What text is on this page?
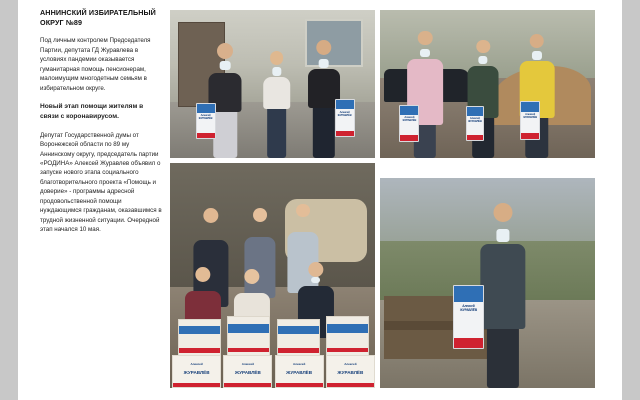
АННИНСКИЙ ИЗБИРАТЕЛЬНЫЙ ОКРУГ №89
Под личным контролем Председателя Партии, депутата ГД Журавлева в условиях пандемии оказывается гуманитарная помощь пенсионерам, малоимущим многодетным семьям в избирательном округе.
Новый этап помощи жителям в связи с коронавирусом.
Депутат Государственной думы от Воронежской области по 89 му Аннинскому округу, председатель партии «РОДИНА» Алексей Журавлев объявил о запуске нового этапа социального благотворительного проекта «Помощь и доверие» - программы адресной продовольственной помощи нуждающимся гражданам, оказавшимся в трудной жизненной ситуации. Очередной этап начался 10 мая.
Алексей
ЖУРАВЛЁВ
Алексей
ЖУРАВЛЁВ
Алексей
ЖУРАВЛЁВ
Алексей
ЖУРАВЛЁВ
Алексей
ЖУРАВЛЁВ
Алексей
ЖУРАВЛЁВ
Алексей
ЖУРАВЛЁВ
Алексей
ЖУРАВЛЁВ
Алексей
ЖУРАВЛЁВ
Алексей
ЖУРАВЛЁВ
